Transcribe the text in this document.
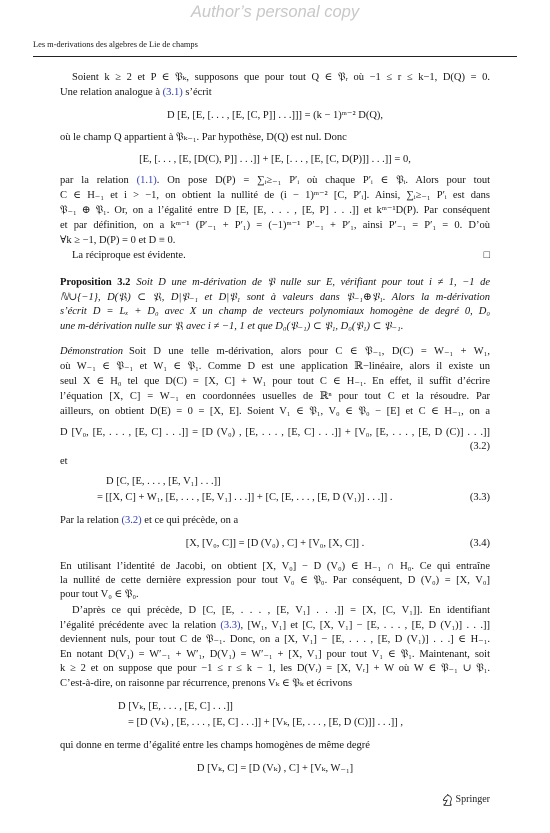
Author’s personal copy
Les m-derivations des algebres de Lie de champs
Soient k ≥ 2 et P ∈ 𝔓ₖ, supposons que pour tout Q ∈ 𝔓ᵣ où −1 ≤ r ≤ k−1, D(Q) = 0.
Une relation analogue à (3.1) s’écrit
D [E, [E, [. . . , [E, [C, P]] . . .]]] = (k − 1)ᵐ⁻² D(Q),
où le champ Q appartient à 𝔓ₖ₋₁. Par hypothèse, D(Q) est nul. Donc
[E, [. . . , [E, [D(C), P]] . . .]] + [E, [. . . , [E, [C, D(P)]] . . .]] = 0,
par la relation (1.1). On pose D(P) = ∑ᵢ≥₋₁ P′ᵢ où chaque P′ᵢ ∈ 𝔓ᵢ. Alors pour tout
C ∈ H₋₁ et i > −1, on obtient la nullité de (i − 1)ᵐ⁻² [C, P′ᵢ]. Ainsi, ∑ᵢ≥₋₁ P′ᵢ est dans
𝔓₋₁ ⊕ 𝔓₁. Or, on a l’égalité entre D [E, [E, . . . , [E, P] . . .]] et kᵐ⁻¹D(P). Par conséquent
et par définition, on a kᵐ⁻¹ (P′₋₁ + P′₁) = (−1)ᵐ⁻¹ P′₋₁ + P′₁, ainsi P′₋₁ = P′₁ = 0. D’où
∀k ≥ −1, D(P) = 0 et D ≡ 0.
La réciproque est évidente.	□
Proposition 3.2 Soit D une m-dérivation de 𝔓 nulle sur E, vérifiant pour tout i ≠ 1, −1 de
ℕ∪{−1}, D(𝔓ᵢ) ⊂ 𝔓ᵢ, D|𝔓₋₁ et D|𝔓₁ sont à valeurs dans 𝔓₋₁⊕𝔓₁. Alors la m-dérivation
s’écrit D = Lₓ + D₀ avec X un champ de vecteurs polynomiaux homogène de degré 0, D₀
une m-dérivation nulle sur 𝔓ᵢ avec i ≠ −1, 1 et que D₀(𝔓₋₁) ⊂ 𝔓₁, D₀(𝔓₁) ⊂ 𝔓₋₁.
Démonstration Soit D une telle m-dérivation, alors pour C ∈ 𝔓₋₁, D(C) = W₋₁ + W₁,
où W₋₁ ∈ 𝔓₋₁ et W₁ ∈ 𝔓₁. Comme D est une application ℝ−linéaire, alors il existe un
seul X ∈ H₀ tel que D(C) = [X, C] + W₁ pour tout C ∈ H₋₁. En effet, il suffit d’écrire
l’équation [X, C] = W₋₁ en coordonnées usuelles de ℝⁿ pour tout C et la résoudre. Par
ailleurs, on obtient D(E) = 0 = [X, E]. Soient V₁ ∈ 𝔓₁, V₀ ∈ 𝔓₀ − [E] et C ∈ H₋₁, on a
D [V₀, [E, . . . , [E, C] . . .]] = [D (V₀) , [E, . . . , [E, C] . . .]] + [V₀, [E, . . . , [E, D (C)] . . .]]
(3.2)
et
D [C, [E, . . . , [E, V₁] . . .]]
= [[X, C] + W₁, [E, . . . , [E, V₁] . . .]] + [C, [E, . . . , [E, D (V₁)] . . .]] .	(3.3)
Par la relation (3.2) et ce qui précède, on a
[X, [V₀, C]] = [D (V₀) , C] + [V₀, [X, C]] .	(3.4)
En utilisant l’identité de Jacobi, on obtient [X, V₀] − D (V₀) ∈ H₋₁ ∩ H₀. Ce qui entraîne
la nullité de cette dernière expression pour tout V₀ ∈ 𝔓₀. Par conséquent, D (V₀) = [X, V₀]
pour tout V₀ ∈ 𝔓₀.
D’après ce qui précède, D [C, [E, . . . , [E, V₁] . . .]] = [X, [C, V₁]]. En identifiant
l’égalité précédente avec la relation (3.3), [W₁, V₁] et [C, [X, V₁] − [E, . . . , [E, D (V₁)] . . .]]
deviennent nuls, pour tout C de 𝔓₋₁. Donc, on a [X, V₁] − [E, . . . , [E, D (V₁)] . . .] ∈ H₋₁.
En notant D(V₁) = W′₋₁ + W′₁, D(V₁) = W′₋₁ + [X, V₁] pour tout V₁ ∈ 𝔓₁. Maintenant, soit
k ≥ 2 et on suppose que pour −1 ≤ r ≤ k − 1, les D(Vᵣ) = [X, Vᵣ] + W où W ∈ 𝔓₋₁ ∪ 𝔓₁.
C’est-à-dire, on raisonne par récurrence, prenons Vₖ ∈ 𝔓ₖ et écrivons
D [Vₖ, [E, . . . , [E, C] . . .]]
= [D (Vₖ) , [E, . . . , [E, C] . . .]] + [Vₖ, [E, . . . , [E, D (C)]] . . .]] ,
qui donne en terme d’égalité entre les champs homogènes de même degré
D [Vₖ, C] = [D (Vₖ) , C] + [Vₖ, W₋₁]
Springer
